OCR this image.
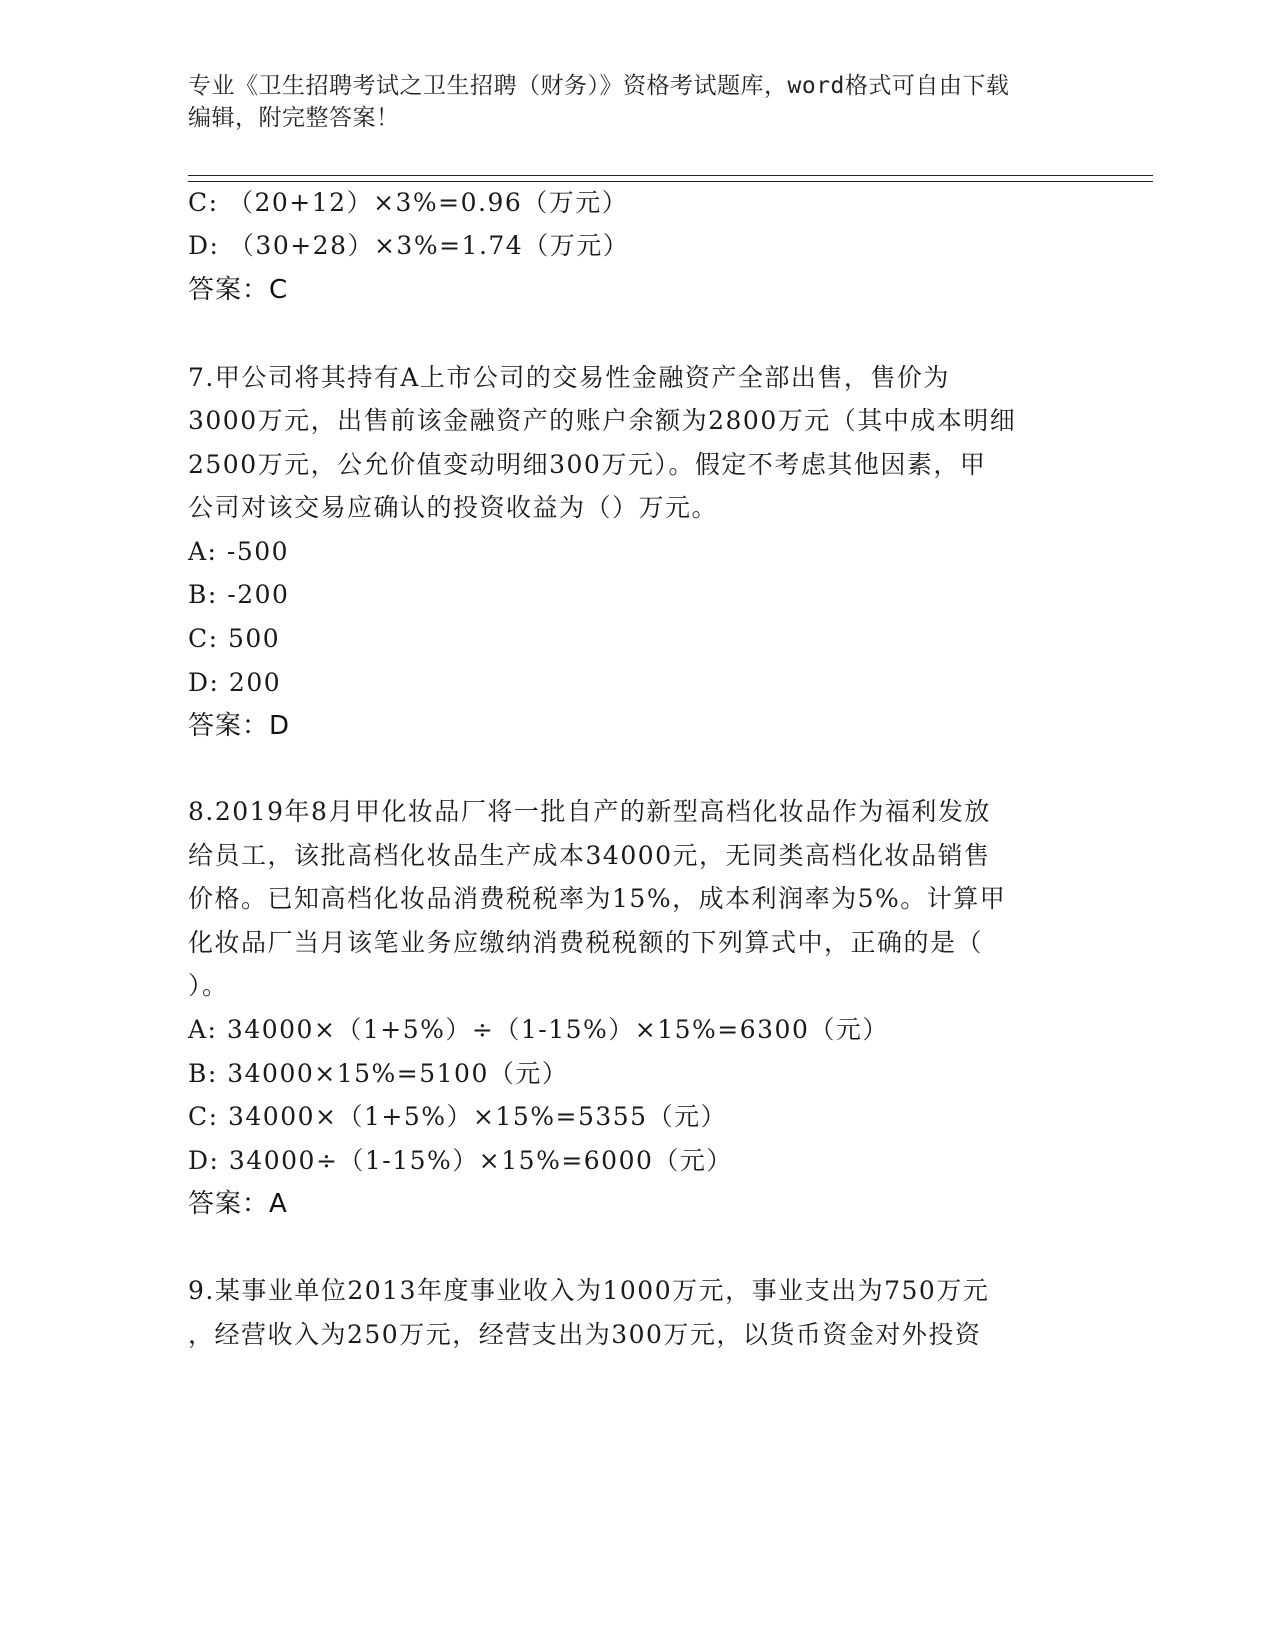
专业《卫生招聘考试之卫生招聘（财务）》资格考试题库，word格式可自由下载
编辑，附完整答案！
C: （20+12）×3%=0.96（万元）
D: （30+28）×3%=1.74（万元）
答案：C
7.甲公司将其持有A上市公司的交易性金融资产全部出售，售价为
3000万元，出售前该金融资产的账户余额为2800万元（其中成本明细
2500万元，公允价值变动明细300万元）。假定不考虑其他因素，甲
公司对该交易应确认的投资收益为（）万元。
A: -500
B: -200
C: 500
D: 200
答案：D
8.2019年8月甲化妆品厂将一批自产的新型高档化妆品作为福利发放
给员工，该批高档化妆品生产成本34000元，无同类高档化妆品销售
价格。已知高档化妆品消费税税率为15%，成本利润率为5%。计算甲
化妆品厂当月该笔业务应缴纳消费税税额的下列算式中，正确的是（
）。
A: 34000×（1+5%）÷（1-15%）×15%=6300（元）
B: 34000×15%=5100（元）
C: 34000×（1+5%）×15%=5355（元）
D: 34000÷（1-15%）×15%=6000（元）
答案：A
9.某事业单位2013年度事业收入为1000万元，事业支出为750万元
，经营收入为250万元，经营支出为300万元，以货币资金对外投资
